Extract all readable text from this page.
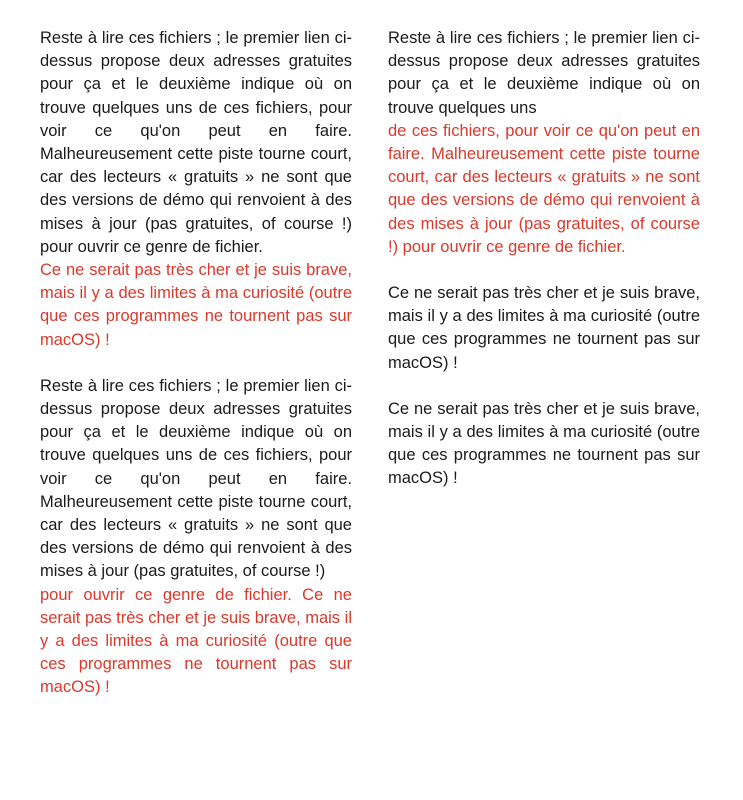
Reste à lire ces fichiers ; le premier lien ci-dessus propose deux adresses gratuites pour ça et le deuxième indique où on trouve quelques uns de ces fichiers, pour voir ce qu'on peut en faire. Malheureusement cette piste tourne court, car des lecteurs « gratuits » ne sont que des versions de démo qui renvoient à des mises à jour (pas gratuites, of course !) pour ouvrir ce genre de fichier.

Ce ne serait pas très cher et je suis brave, mais il y a des limites à ma curiosité (outre que ces programmes ne tournent pas sur macOS) !

Reste à lire ces fichiers ; le premier lien ci-dessus propose deux adresses gratuites pour ça et le deuxième indique où on trouve quelques uns de ces fichiers, pour voir ce qu'on peut en faire. Malheureusement cette piste tourne court, car des lecteurs « gratuits » ne sont que des versions de démo qui renvoient à des mises à jour (pas gratuites, of course !)

pour ouvrir ce genre de fichier. Ce ne serait pas très cher et je suis brave, mais il y a des limites à ma curiosité (outre que ces programmes ne tournent pas sur macOS) !

Reste à lire ces fichiers ; le premier lien ci-dessus propose deux adresses gratuites pour ça et le deuxième indique où on trouve quelques uns

de ces fichiers, pour voir ce qu'on peut en faire. Malheureusement cette piste tourne court, car des lecteurs « gratuits » ne sont que des versions de démo qui renvoient à des mises à jour (pas gratuites, of course !) pour ouvrir ce genre de fichier.

Ce ne serait pas très cher et je suis brave, mais il y a des limites à ma curiosité (outre que ces programmes ne tournent pas sur macOS) !

Ce ne serait pas très cher et je suis brave, mais il y a des limites à ma curiosité (outre que ces programmes ne tournent pas sur macOS) !
